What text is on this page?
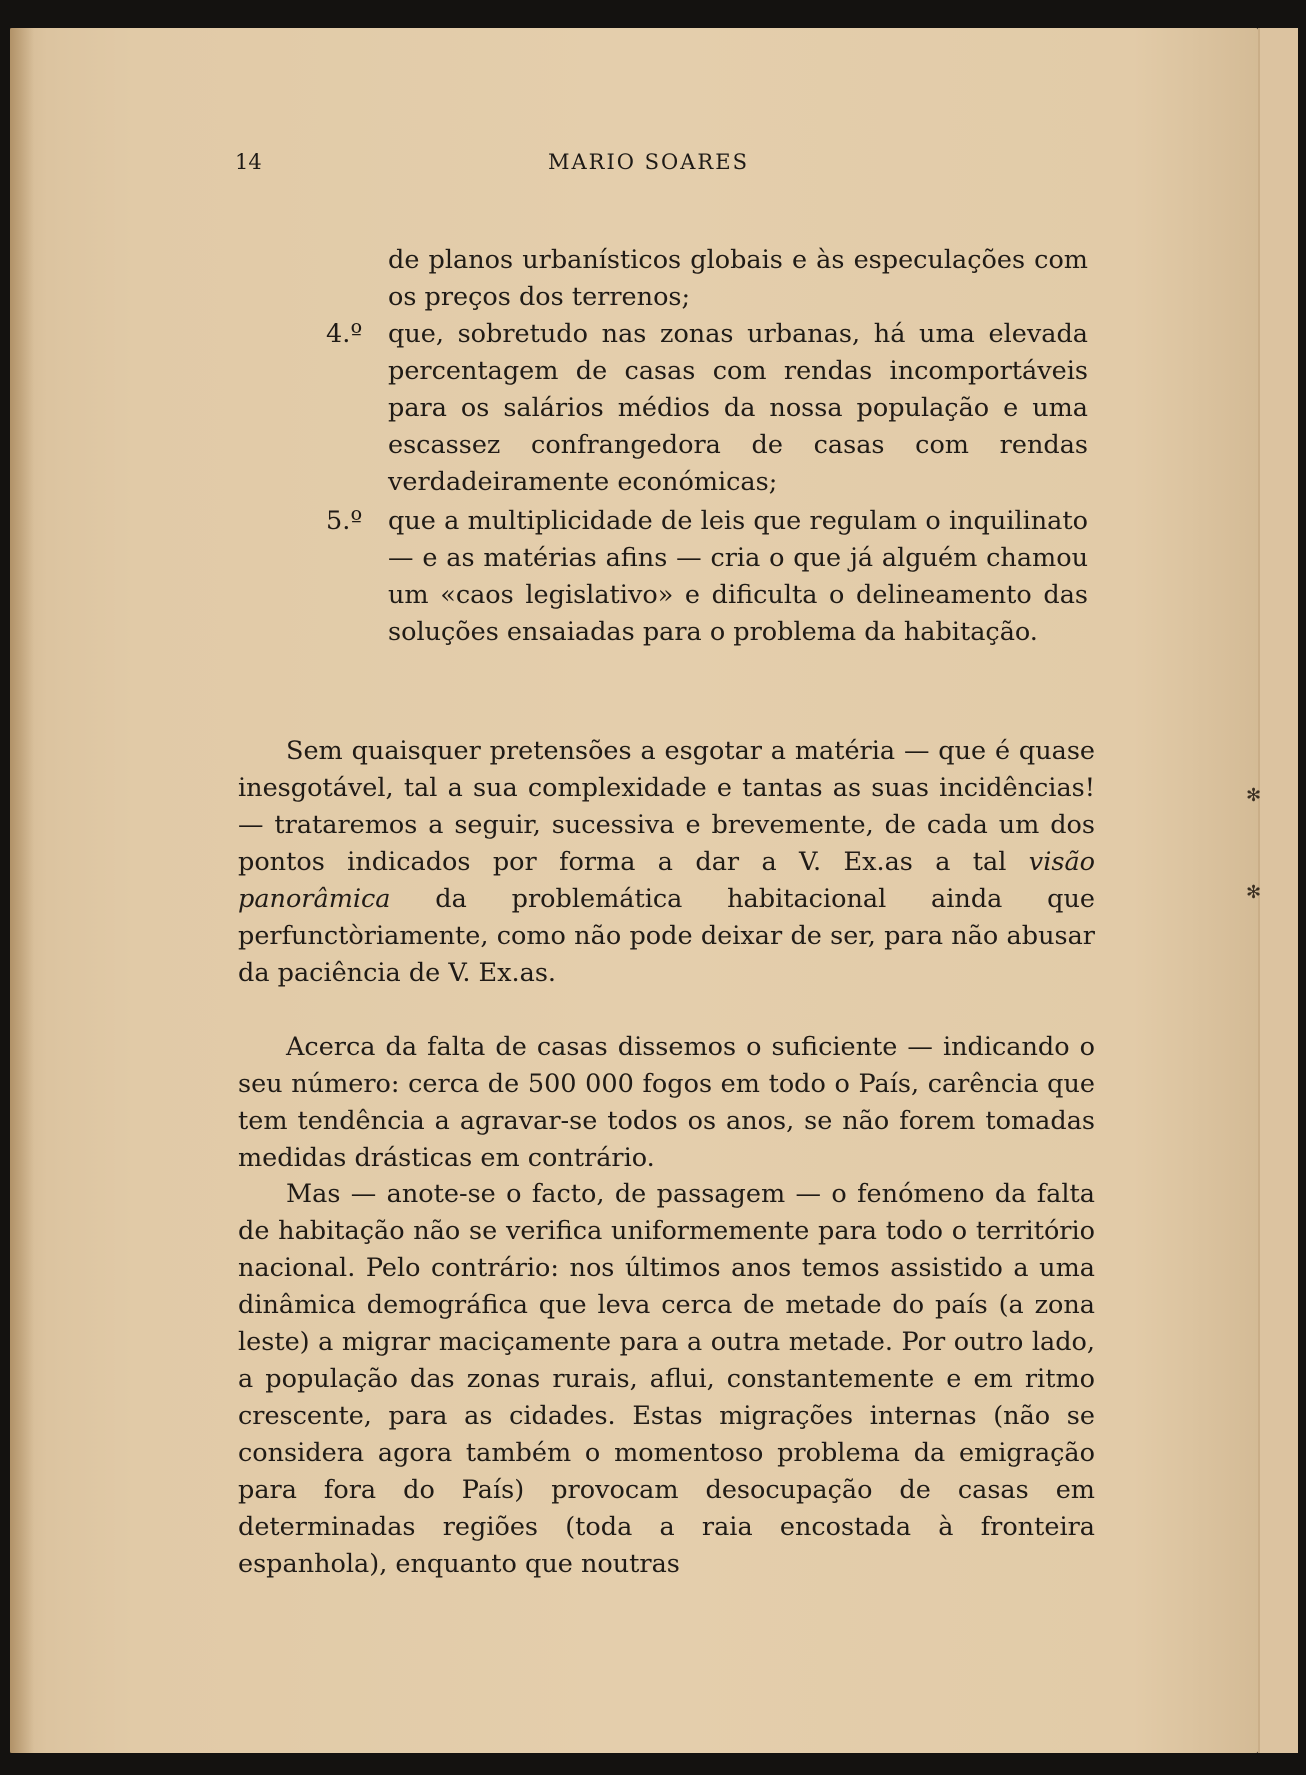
✻
✻
14	MARIO SOARES

de planos urbanísticos globais e às especulações com os preços dos terrenos;

4.º que, sobretudo nas zonas urbanas, há uma elevada percentagem de casas com rendas incomportáveis para os salários médios da nossa população e uma escassez confrangedora de casas com rendas verdadeiramente económicas;
5.º que a multiplicidade de leis que regulam o inquilinato — e as matérias afins — cria o que já alguém chamou um «caos legislativo» e dificulta o delineamento das soluções ensaiadas para o problema da habitação.

Sem quaisquer pretensões a esgotar a matéria — que é quase inesgotável, tal a sua complexidade e tantas as suas incidências! — trataremos a seguir, sucessiva e brevemente, de cada um dos pontos indicados por forma a dar a V. Ex.as a tal visão panorâmica da problemática habitacional ainda que perfunctòriamente, como não pode deixar de ser, para não abusar da paciência de V. Ex.as.

Acerca da falta de casas dissemos o suficiente — indicando o seu número: cerca de 500 000 fogos em todo o País, carência que tem tendência a agravar-se todos os anos, se não forem tomadas medidas drásticas em contrário.

Mas — anote-se o facto, de passagem — o fenómeno da falta de habitação não se verifica uniformemente para todo o território nacional. Pelo contrário: nos últimos anos temos assistido a uma dinâmica demográfica que leva cerca de metade do país (a zona leste) a migrar maciçamente para a outra metade. Por outro lado, a população das zonas rurais, aflui, constantemente e em ritmo crescente, para as cidades. Estas migrações internas (não se considera agora também o momentoso problema da emigração para fora do País) provocam desocupação de casas em determinadas regiões (toda a raia encostada à fronteira espanhola), enquanto que noutras
